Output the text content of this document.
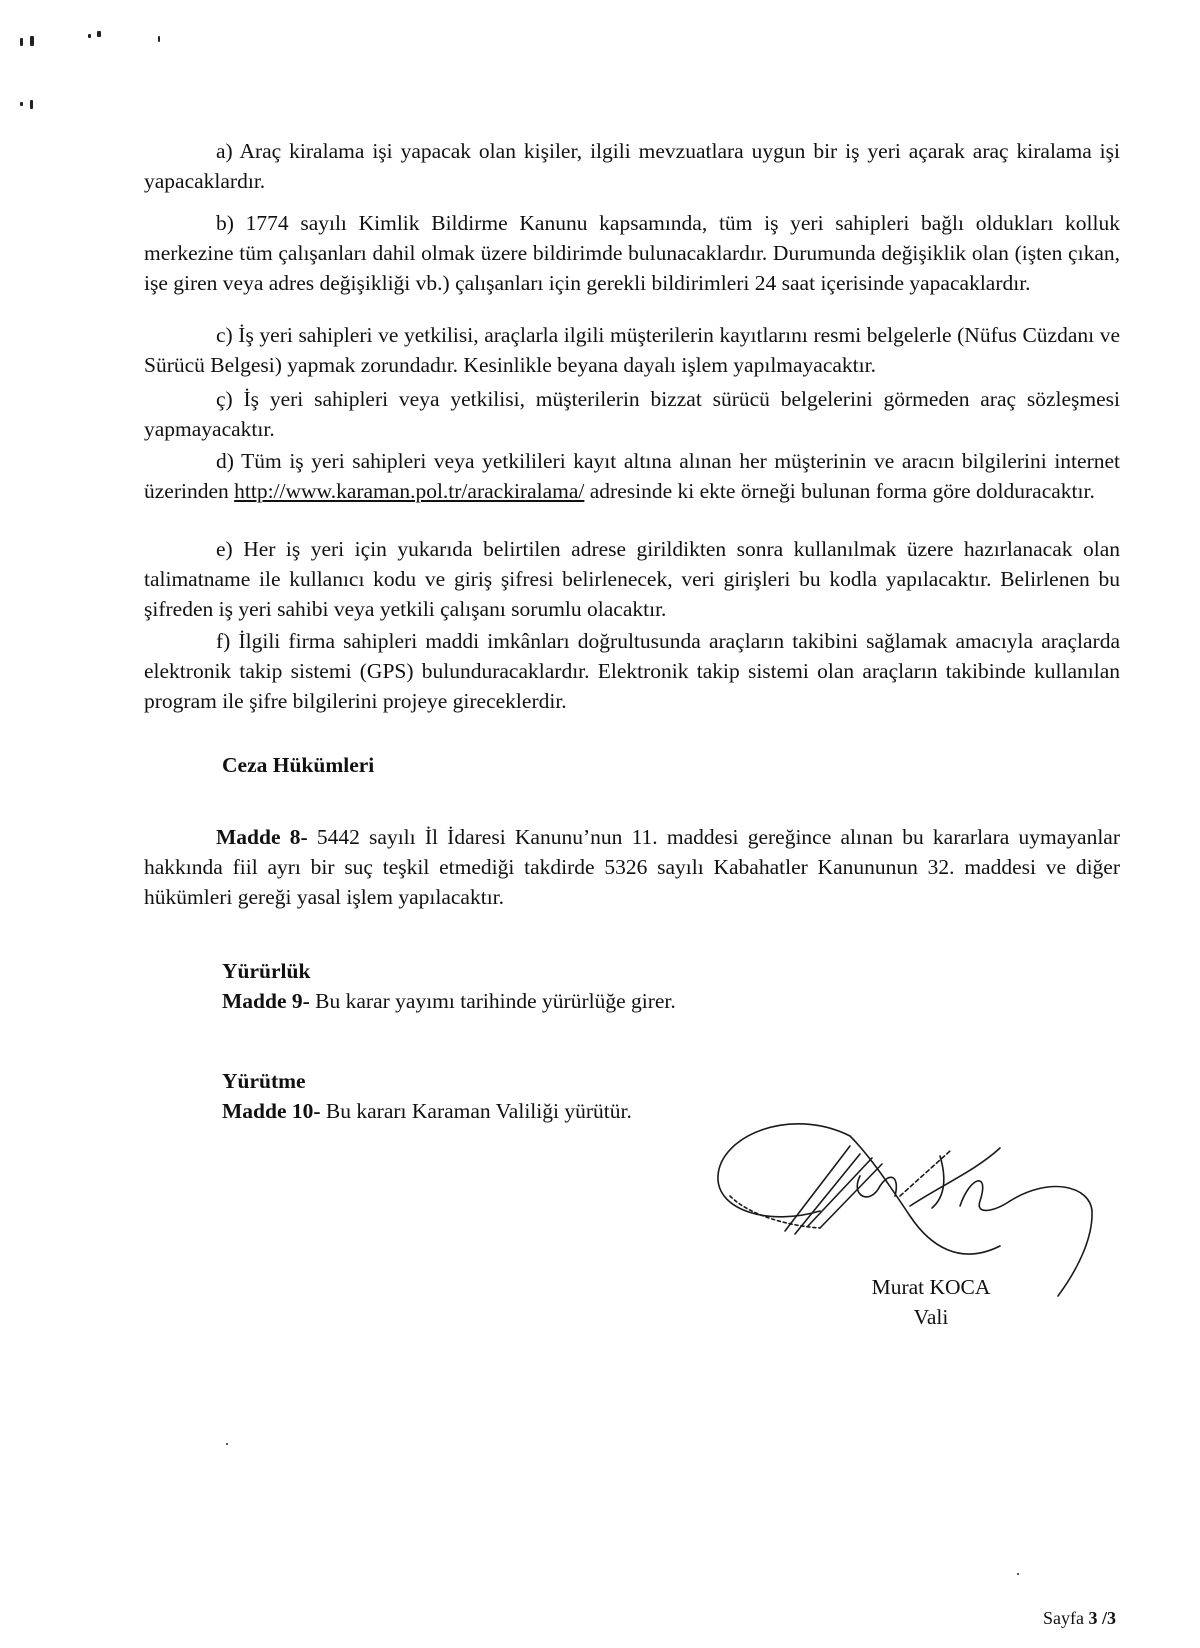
a) Araç kiralama işi yapacak olan kişiler, ilgili mevzuatlara uygun bir iş yeri açarak araç kiralama işi yapacaklardır.

b) 1774 sayılı Kimlik Bildirme Kanunu kapsamında, tüm iş yeri sahipleri bağlı oldukları kolluk merkezine tüm çalışanları dahil olmak üzere bildirimde bulunacaklardır. Durumunda değişiklik olan (işten çıkan, işe giren veya adres değişikliği vb.) çalışanları için gerekli bildirimleri 24 saat içerisinde yapacaklardır.

c) İş yeri sahipleri ve yetkilisi, araçlarla ilgili müşterilerin kayıtlarını resmi belgelerle (Nüfus Cüzdanı ve Sürücü Belgesi) yapmak zorundadır. Kesinlikle beyana dayalı işlem yapılmayacaktır.

ç) İş yeri sahipleri veya yetkilisi, müşterilerin bizzat sürücü belgelerini görmeden araç sözleşmesi yapmayacaktır.

d) Tüm iş yeri sahipleri veya yetkilileri kayıt altına alınan her müşterinin ve aracın bilgilerini internet üzerinden http://www.karaman.pol.tr/arackiralama/ adresinde ki ekte örneği bulunan forma göre dolduracaktır.

e) Her iş yeri için yukarıda belirtilen adrese girildikten sonra kullanılmak üzere hazırlanacak olan talimatname ile kullanıcı kodu ve giriş şifresi belirlenecek, veri girişleri bu kodla yapılacaktır. Belirlenen bu şifreden iş yeri sahibi veya yetkili çalışanı sorumlu olacaktır.

f) İlgili firma sahipleri maddi imkânları doğrultusunda araçların takibini sağlamak amacıyla araçlarda elektronik takip sistemi (GPS) bulunduracaklardır. Elektronik takip sistemi olan araçların takibinde kullanılan program ile şifre bilgilerini projeye gireceklerdir.

Ceza Hükümleri

Madde 8- 5442 sayılı İl İdaresi Kanunu’nun 11. maddesi gereğince alınan bu kararlara uymayanlar hakkında fiil ayrı bir suç teşkil etmediği takdirde 5326 sayılı Kabahatler Kanununun 32. maddesi ve diğer hükümleri gereği yasal işlem yapılacaktır.

Yürürlük

Madde 9- Bu karar yayımı tarihinde yürürlüğe girer.

Yürütme

Madde 10- Bu kararı Karaman Valiliği yürütür.

Murat KOCA
Vali
Sayfa 3 /3
